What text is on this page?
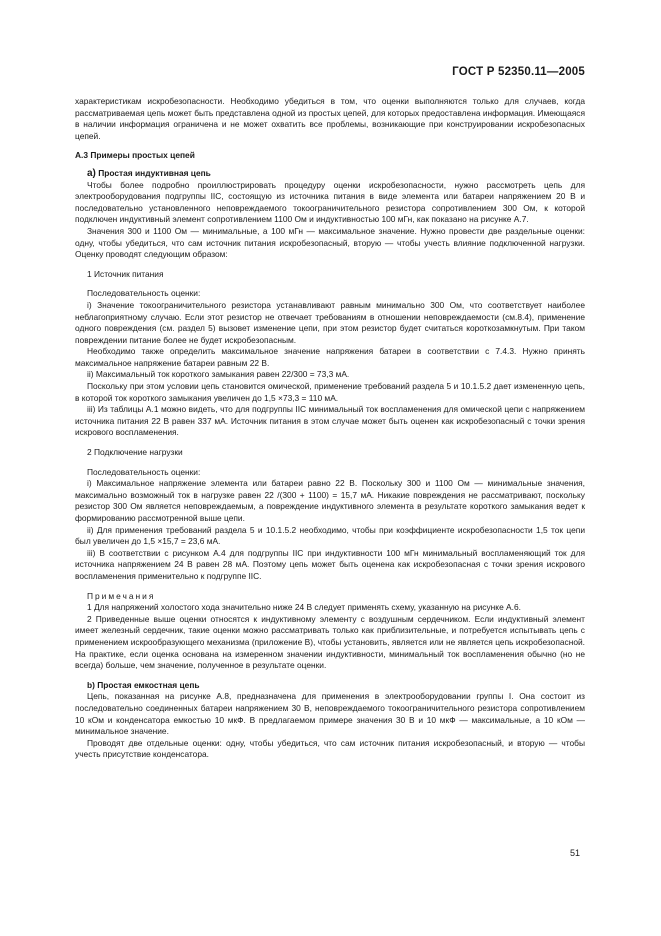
ГОСТ Р 52350.11—2005

характеристикам искробезопасности. Необходимо убедиться в том, что оценки выполняются только для случаев, когда рассматриваемая цепь может быть представлена одной из простых цепей, для которых предоставлена информация. Имеющаяся в наличии информация ограничена и не может охватить все проблемы, возникающие при конструировании искробезопасных цепей.

А.3 Примеры простых цепей

a) Простая индуктивная цепь

Чтобы более подробно проиллюстрировать процедуру оценки искробезопасности, нужно рассмотреть цепь для электрооборудования подгруппы IIC, состоящую из источника питания в виде элемента или батареи напряжением 20 В и последовательно установленного неповреждаемого токоограничительного резистора сопротивлением 300 Ом, к которой подключен индуктивный элемент сопротивлением 1100 Ом и индуктивностью 100 мГн, как показано на рисунке А.7.

Значения 300 и 1100 Ом — минимальные, а 100 мГн — максимальное значение. Нужно провести две раздельные оценки: одну, чтобы убедиться, что сам источник питания искробезопасный, вторую — чтобы учесть влияние подключенной нагрузки. Оценку проводят следующим образом:

1 Источник питания

Последовательность оценки:

i) Значение токоограничительного резистора устанавливают равным минимально 300 Ом, что соответствует наиболее неблагоприятному случаю. Если этот резистор не отвечает требованиям в отношении неповреждаемости (см.8.4), применение одного повреждения (см. раздел 5) вызовет изменение цепи, при этом резистор будет считаться короткозамкнутым. При таком повреждении питание более не будет искробезопасным.

Необходимо также определить максимальное значение напряжения батареи в соответствии с 7.4.3. Нужно принять максимальное напряжение батареи равным 22 В.

ii) Максимальный ток короткого замыкания равен 22/300 = 73,3 мА.

Поскольку при этом условии цепь становится омической, применение требований раздела 5 и 10.1.5.2 дает измененную цепь, в которой ток короткого замыкания увеличен до 1,5 ×73,3 = 110 мА.

iii) Из таблицы А.1 можно видеть, что для подгруппы IIC минимальный ток воспламенения для омической цепи с напряжением источника питания 22 В равен 337 мА. Источник питания в этом случае может быть оценен как искробезопасный с точки зрения искрового воспламенения.

2 Подключение нагрузки

Последовательность оценки:

i) Максимальное напряжение элемента или батареи равно 22 В. Поскольку 300 и 1100 Ом — минимальные значения, максимально возможный ток в нагрузке равен 22 /(300 + 1100) = 15,7 мА. Никакие повреждения не рассматривают, поскольку резистор 300 Ом является неповреждаемым, а повреждение индуктивного элемента в результате короткого замыкания ведет к формированию рассмотренной выше цепи.

ii) Для применения требований раздела 5 и 10.1.5.2 необходимо, чтобы при коэффициенте искробезопасности 1,5 ток цепи был увеличен до 1,5 ×15,7 = 23,6 мА.

iii) В соответствии с рисунком А.4 для подгруппы IIC при индуктивности 100 мГн минимальный воспламеняющий ток для источника напряжением 24 В равен 28 мА. Поэтому цепь может быть оценена как искробезопасная с точки зрения искрового воспламенения применительно к подгруппе IIC.

Примечания

1 Для напряжений холостого хода значительно ниже 24 В следует применять схему, указанную на рисунке А.6.

2 Приведенные выше оценки относятся к индуктивному элементу с воздушным сердечником. Если индуктивный элемент имеет железный сердечник, такие оценки можно рассматривать только как приблизительные, и потребуется испытывать цепь с применением искрообразующего механизма (приложение В), чтобы установить, является или не является цепь искробезопасной. На практике, если оценка основана на измеренном значении индуктивности, минимальный ток воспламенения обычно (но не всегда) больше, чем значение, полученное в результате оценки.

b) Простая емкостная цепь

Цепь, показанная на рисунке А.8, предназначена для применения в электрооборудовании группы I. Она состоит из последовательно соединенных батареи напряжением 30 В, неповреждаемого токоограничительного резистора сопротивлением 10 кОм и конденсатора емкостью 10 мкФ. В предлагаемом примере значения 30 В и 10 мкФ — максимальные, а 10 кОм — минимальное значение.

Проводят две отдельные оценки: одну, чтобы убедиться, что сам источник питания искробезопасный, и вторую — чтобы учесть присутствие конденсатора.

51
